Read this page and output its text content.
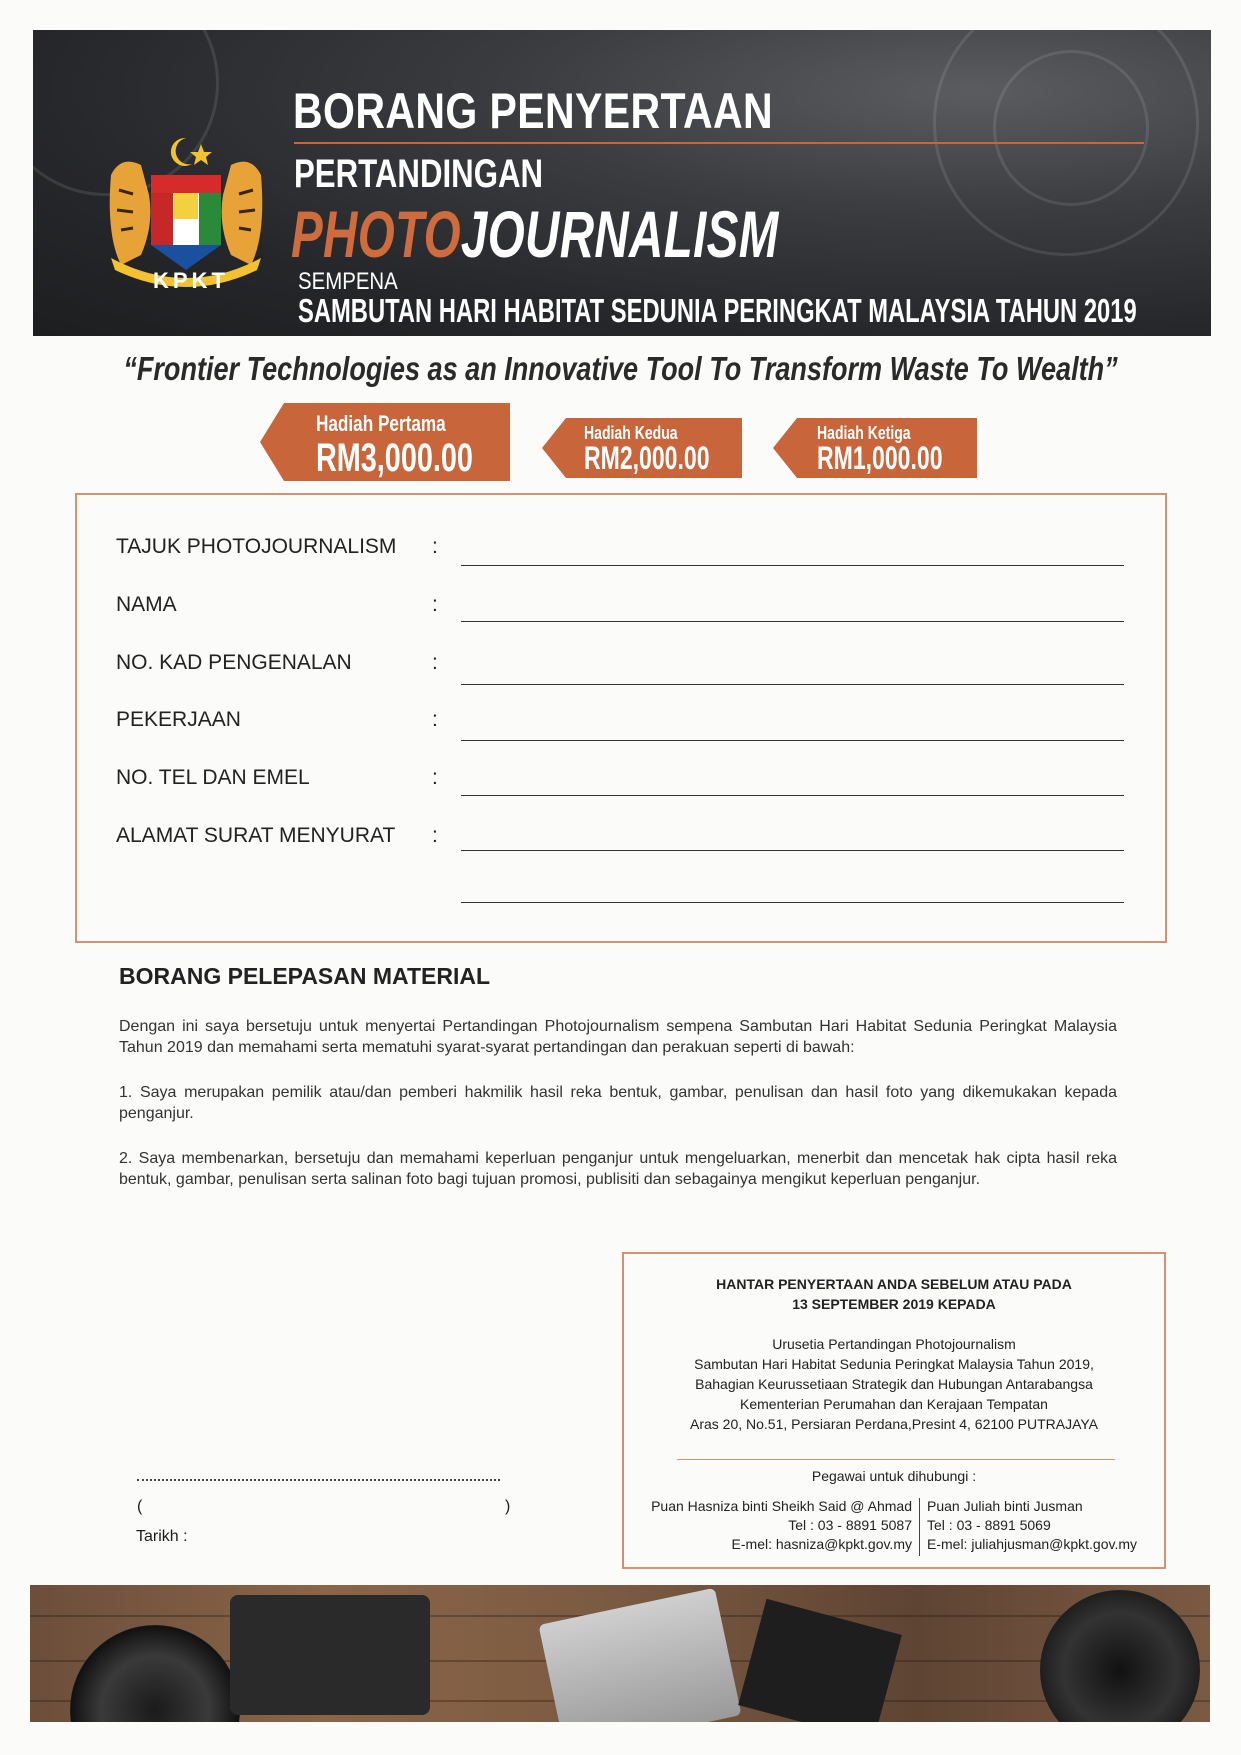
KPKT
BORANG PENYERTAAN
PERTANDINGAN
PHOTOJOURNALISM
SEMPENA
SAMBUTAN HARI HABITAT SEDUNIA PERINGKAT MALAYSIA TAHUN 2019
“Frontier Technologies as an Innovative Tool To Transform Waste To Wealth”
Hadiah Pertama
RM3,000.00
Hadiah Kedua
RM2,000.00
Hadiah Ketiga
RM1,000.00
TAJUK PHOTOJOURNALISM :
NAMA	:
NO. KAD PENGENALAN	:
PEKERJAAN	:
NO. TEL DAN EMEL	:
ALAMAT SURAT MENYURAT :
BORANG PELEPASAN MATERIAL
Dengan ini saya bersetuju untuk menyertai Pertandingan Photojournalism sempena Sambutan Hari Habitat Sedunia Peringkat Malaysia Tahun 2019 dan memahami serta mematuhi syarat-syarat pertandingan dan perakuan seperti di bawah:
1. Saya merupakan pemilik atau/dan pemberi hakmilik hasil reka bentuk, gambar, penulisan dan hasil foto yang dikemukakan kepada penganjur.
2. Saya membenarkan, bersetuju dan memahami keperluan penganjur untuk mengeluarkan, menerbit dan mencetak hak cipta hasil reka bentuk, gambar, penulisan serta salinan foto bagi tujuan promosi, publisiti dan sebagainya mengikut keperluan penganjur.
(	)
Tarikh :
HANTAR PENYERTAAN ANDA SEBELUM ATAU PADA
13 SEPTEMBER 2019 KEPADA
Urusetia Pertandingan Photojournalism
Sambutan Hari Habitat Sedunia Peringkat Malaysia Tahun 2019,
Bahagian Keurussetiaan Strategik dan Hubungan Antarabangsa
Kementerian Perumahan dan Kerajaan Tempatan
Aras 20, No.51, Persiaran Perdana,Presint 4, 62100 PUTRAJAYA
Pegawai untuk dihubungi :
Puan Hasniza binti Sheikh Said @ Ahmad
Tel : 03 - 8891 5087
E-mel: hasniza@kpkt.gov.my
Puan Juliah binti Jusman
Tel : 03 - 8891 5069
E-mel: juliahjusman@kpkt.gov.my
